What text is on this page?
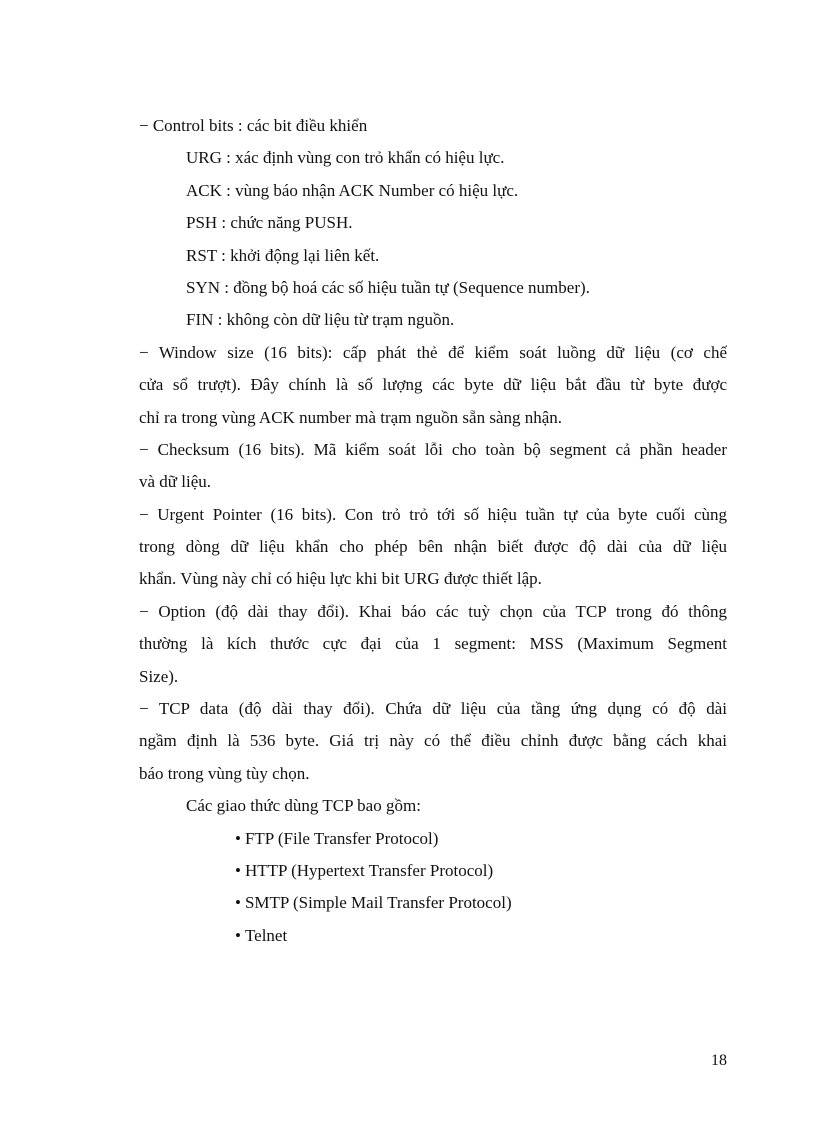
− Control bits : các bit điều khiển
URG : xác định vùng con trỏ khẩn có hiệu lực.
ACK : vùng báo nhận ACK Number có hiệu lực.
PSH : chức năng PUSH.
RST : khởi động lại liên kết.
SYN : đồng bộ hoá các số hiệu tuần tự (Sequence number).
FIN : không còn dữ liệu từ trạm nguồn.
− Window size (16 bits): cấp phát thẻ để kiểm soát luồng dữ liệu (cơ chế
cửa sổ trượt). Đây chính là số lượng các byte dữ liệu bắt đầu từ byte được
chỉ ra trong vùng ACK number mà trạm nguồn sẵn sàng nhận.
− Checksum (16 bits). Mã kiểm soát lỗi cho toàn bộ segment cả phần header
và dữ liệu.
− Urgent Pointer (16 bits). Con trỏ trỏ tới số hiệu tuần tự của byte cuối cùng
trong dòng dữ liệu khẩn cho phép bên nhận biết được độ dài của dữ liệu
khẩn. Vùng này chỉ có hiệu lực khi bit URG được thiết lập.
− Option (độ dài thay đổi). Khai báo các tuỳ chọn của TCP trong đó thông
thường là kích thước cực đại của 1 segment: MSS (Maximum Segment
Size).
− TCP data (độ dài thay đổi). Chứa dữ liệu của tầng ứng dụng có độ dài
ngầm định là 536 byte. Giá trị này có thể điều chỉnh được bằng cách khai
báo trong vùng tùy chọn.
Các giao thức dùng TCP bao gồm:
• FTP (File Transfer Protocol)
• HTTP (Hypertext Transfer Protocol)
• SMTP (Simple Mail Transfer Protocol)
• Telnet
18
